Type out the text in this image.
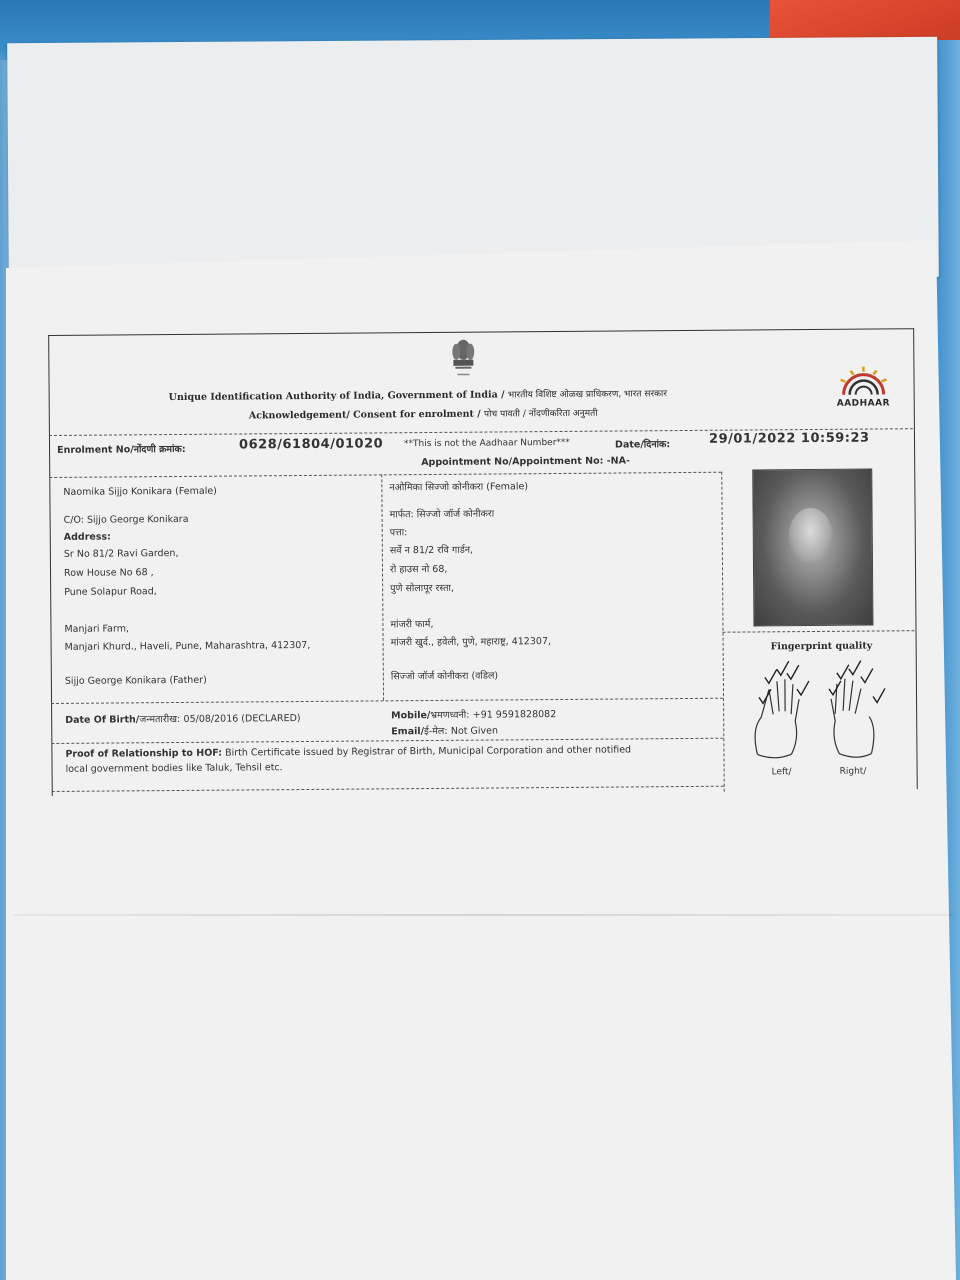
Unique Identification Authority of India, Government of India / भारतीय विशिष्ट ओळख प्राधिकरण, भारत सरकार
Acknowledgement/ Consent for enrolment / पोच पावती / नोंदणीकरिता अनुमती
AADHAAR
Enrolment No/नोंदणी क्रमांक:	0628/61804/01020 **This is not the Aadhaar Number***	Date/दिनांक:	29/01/2022 10:59:23
Appointment No/Appointment No: -NA-
Naomika Sijjo Konikara (Female)
C/O: Sijjo George Konikara
Address:
Sr No 81/2 Ravi Garden,
Row House No 68 ,
Pune Solapur Road,
Manjari Farm,
Manjari Khurd., Haveli, Pune, Maharashtra, 412307,
Sijjo George Konikara (Father)
नओमिका सिज्जो कोनीकरा (Female)
मार्फत: सिज्जो जॉर्ज कोनीकरा
पत्ता:
सर्वे न 81/2 रवि गार्डन,
रो हाउस नो 68,
पुणे सोलापूर रस्ता,
मांजरी फार्म,
मांजरी खुर्द., हवेली, पुणे, महाराष्ट्र, 412307,
सिज्जो जॉर्ज कोनीकरा (वडिल)
Fingerprint quality
Left/	Right/
Date Of Birth/जन्मतारीख: 05/08/2016 (DECLARED)	Mobile/भ्रमणध्वनी: +91 9591828082
Email/ई-मेल: Not Given
Proof of Relationship to HOF: Birth Certificate issued by Registrar of Birth, Municipal Corporation and other notified
local government bodies like Taluk, Tehsil etc.
